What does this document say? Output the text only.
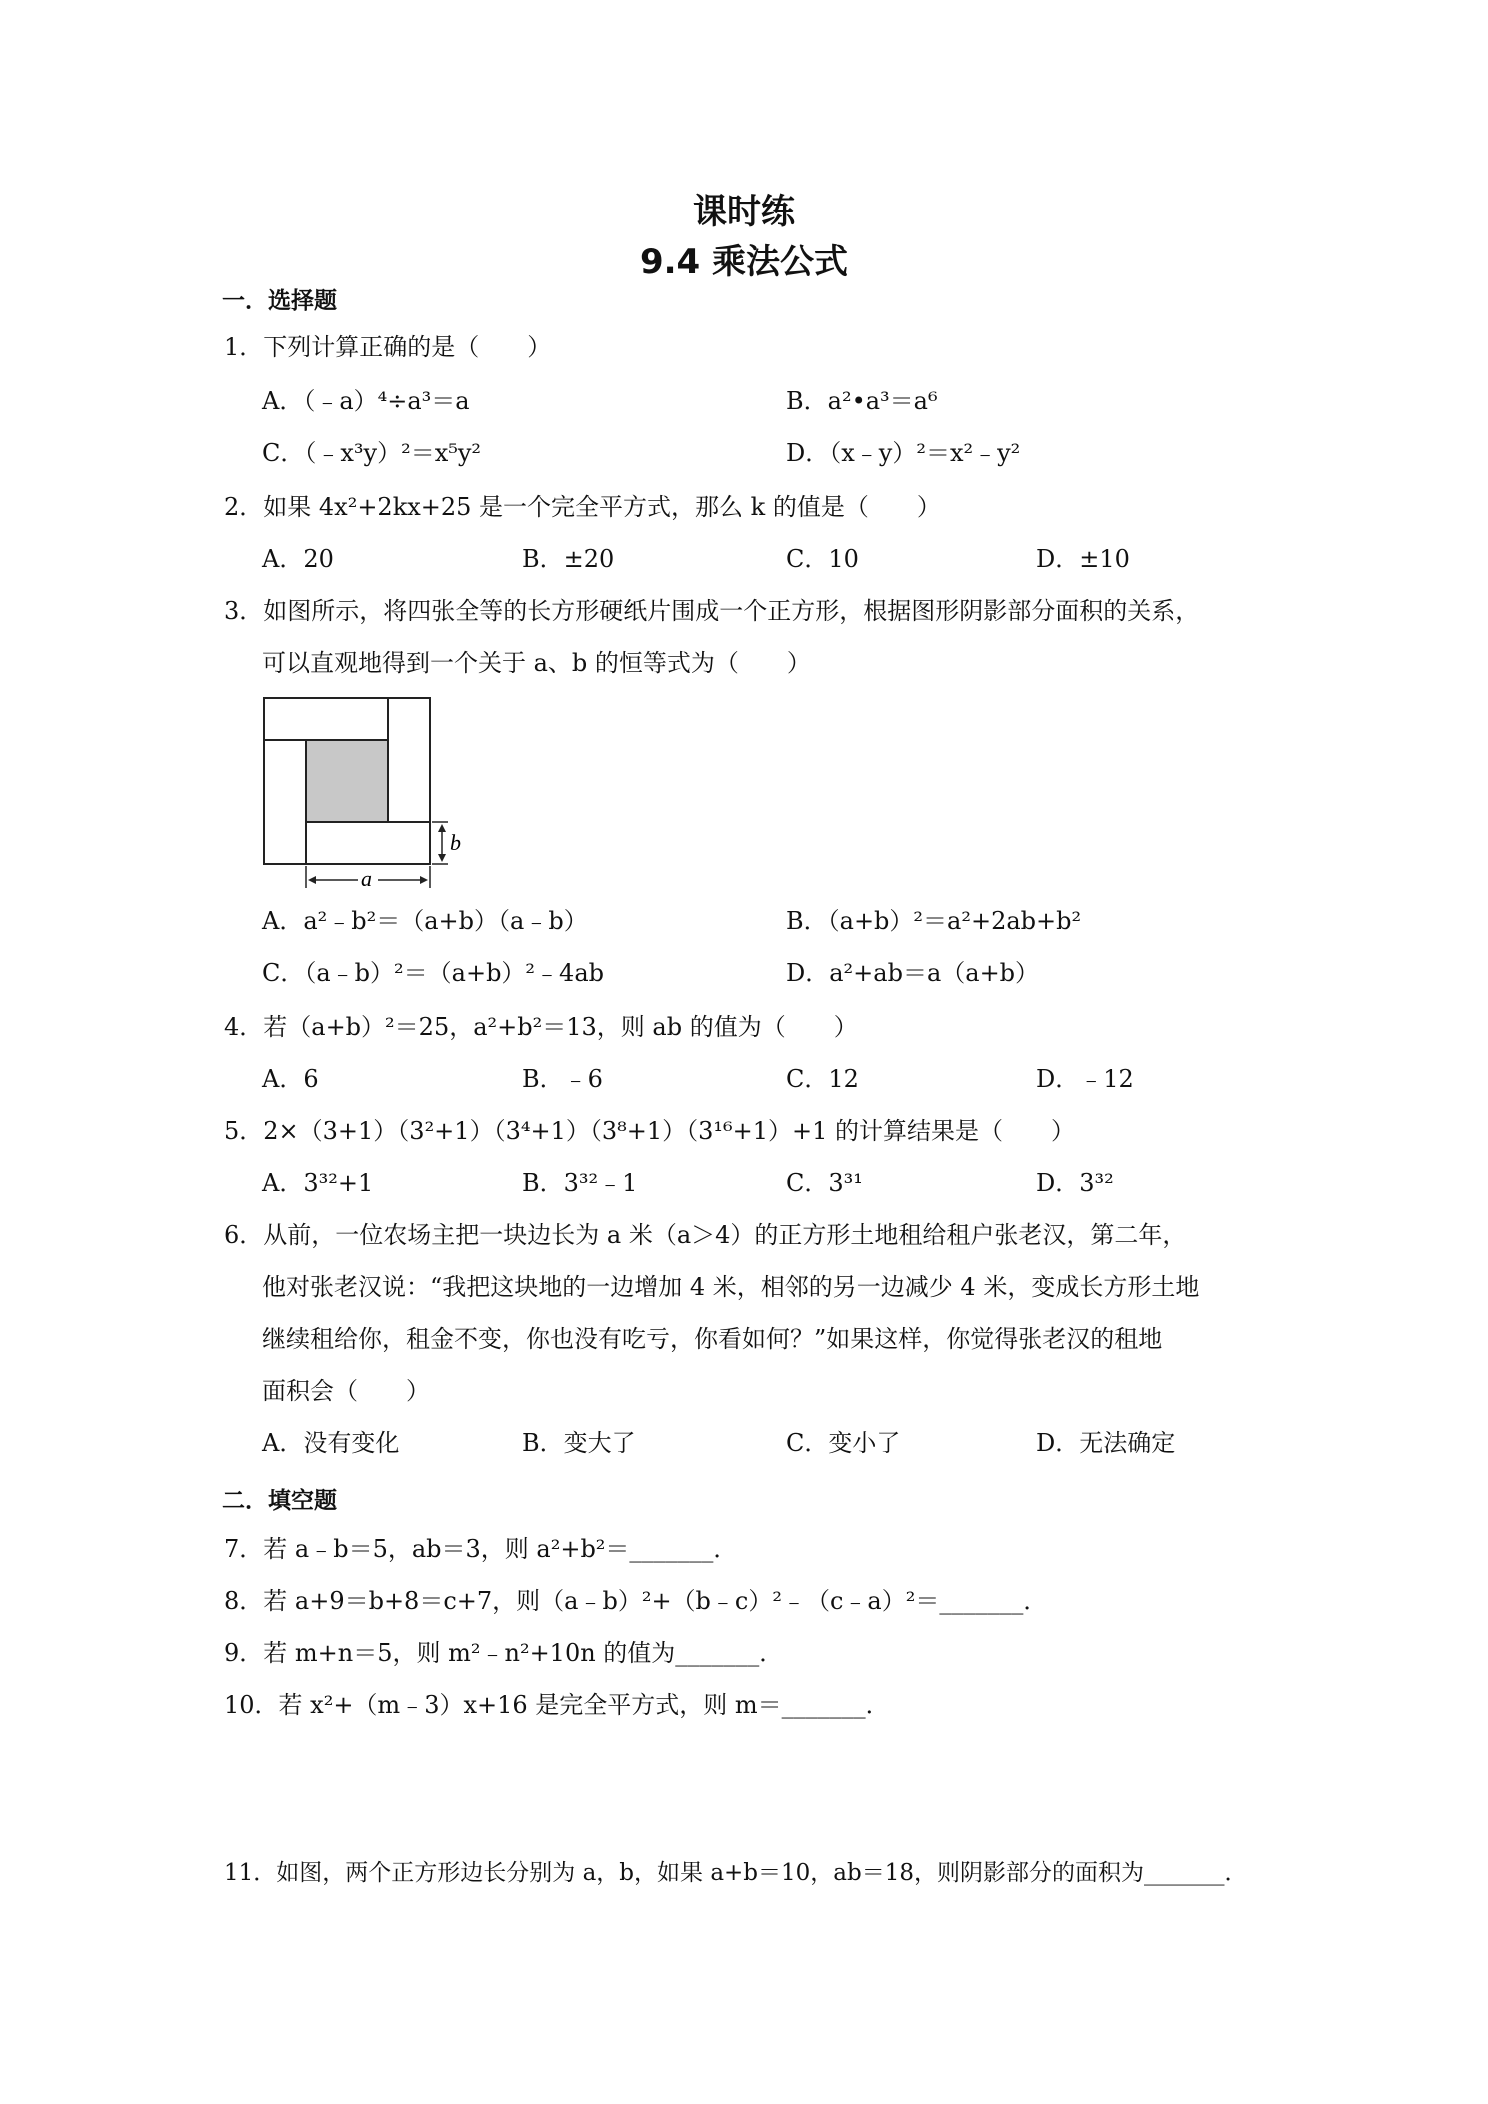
课时练
9.4 乘法公式
一．选择题
1．下列计算正确的是（　　）
A．（﹣a）⁴÷a³＝a	B．a²•a³＝a⁶
C．（﹣x³y）²＝x⁵y²	D．（x﹣y）²＝x²﹣y²
2．如果 4x²+2kx+25 是一个完全平方式，那么 k 的值是（　　）
A．20	B．±20	C．10	D．±10
3．如图所示，将四张全等的长方形硬纸片围成一个正方形，根据图形阴影部分面积的关系，
可以直观地得到一个关于 a、b 的恒等式为（　　）
b
a
A．a²﹣b²＝（a+b）（a﹣b）	B．（a+b）²＝a²+2ab+b²
C．（a﹣b）²＝（a+b）²﹣4ab	D．a²+ab＝a（a+b）
4．若（a+b）²＝25，a²+b²＝13，则 ab 的值为（　　）
A．6	B．﹣6	C．12	D．﹣12
5．2×（3+1）（3²+1）（3⁴+1）（3⁸+1）（3¹⁶+1）+1 的计算结果是（　　）
A．3³²+1	B．3³²﹣1	C．3³¹	D．3³²
6．从前，一位农场主把一块边长为 a 米（a＞4）的正方形土地租给租户张老汉，第二年，
他对张老汉说：“我把这块地的一边增加 4 米，相邻的另一边减少 4 米，变成长方形土地
继续租给你，租金不变，你也没有吃亏，你看如何？”如果这样，你觉得张老汉的租地
面积会（　　）
A．没有变化	B．变大了	C．变小了	D．无法确定
二．填空题
7．若 a﹣b＝5，ab＝3，则 a²+b²＝_______．
8．若 a+9＝b+8＝c+7，则（a﹣b）²+（b﹣c）²﹣（c﹣a）²＝_______．
9．若 m+n＝5，则 m²﹣n²+10n 的值为_______．
10．若 x²+（m﹣3）x+16 是完全平方式，则 m＝_______．
11．如图，两个正方形边长分别为 a，b，如果 a+b＝10，ab＝18，则阴影部分的面积为_______．
